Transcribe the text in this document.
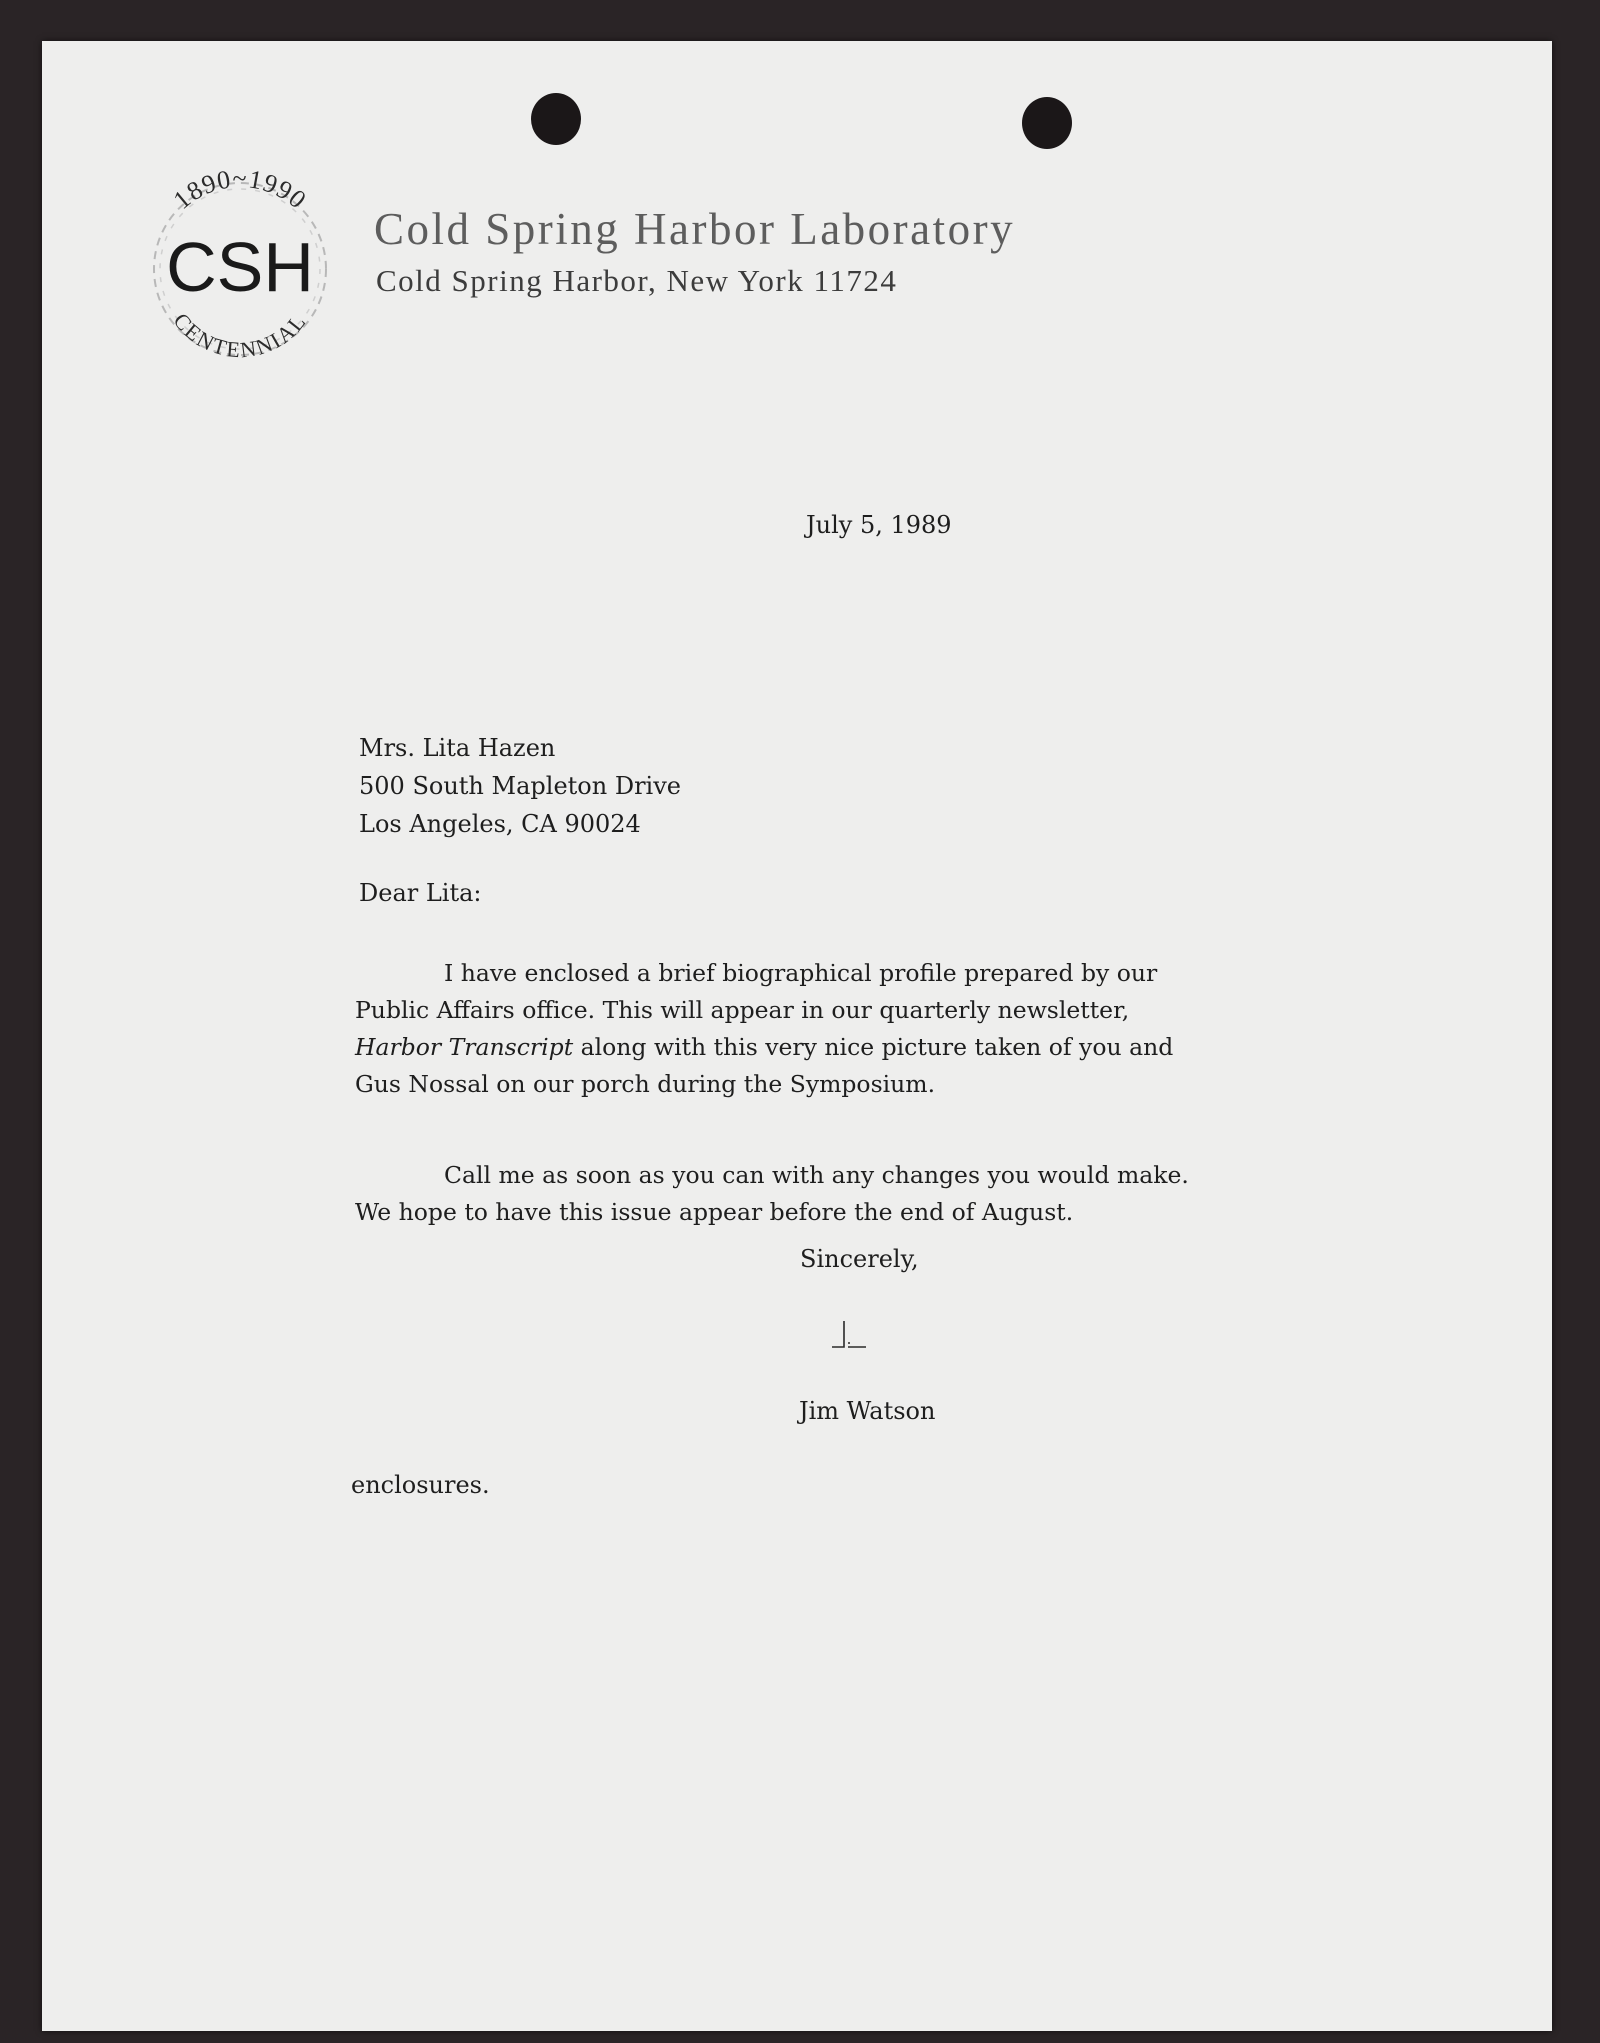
1890~1990
CSH
CENTENNIAL
Cold Spring Harbor Laboratory
Cold Spring Harbor, New York 11724
July 5, 1989
Mrs. Lita Hazen
500 South Mapleton Drive
Los Angeles, CA 90024
Dear Lita:
I have enclosed a brief biographical profile prepared by our
Public Affairs office. This will appear in our quarterly newsletter,
Harbor Transcript along with this very nice picture taken of you and
Gus Nossal on our porch during the Symposium.
Call me as soon as you can with any changes you would make.
We hope to have this issue appear before the end of August.
Sincerely,
Jim Watson
enclosures.
